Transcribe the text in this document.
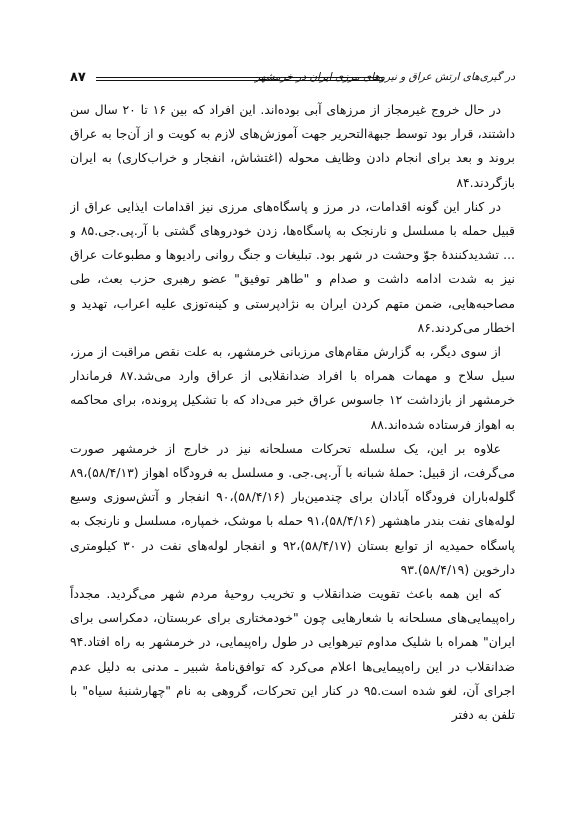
۸۷	در گیری‌های ارتش عراق و نیروهای مرزی ایران در خرمشهر

در حال خروج غیرمجاز از مرزهای آبی بوده‌اند. این افراد که بین ۱۶ تا ۲۰ سال سن داشتند، قرار بود توسط جبهةالتحریر جهت آموزش‌های لازم به کویت و از آن‌جا به عراق بروند و بعد برای انجام دادن وظایف محوله (اغتشاش، انفجار و خراب‌کاری) به ایران بازگردند.۸۴

در کنار این گونه اقدامات، در مرز و پاسگاه‌های مرزی نیز اقدامات ایذایی عراق از قبیل حمله با مسلسل و نارنجک به پاسگاه‌ها، زدن خودروهای گشتی با آر.پی.جی.۸۵ و ... تشدیدکنندهٔ جوّ وحشت در شهر بود. تبلیغات و جنگ روانی رادیوها و مطبوعات عراق نیز به شدت ادامه داشت و صدام و "طاهر توفیق" عضو رهبری حزب بعث، طی مصاحبه‌هایی، ضمن متهم کردن ایران به نژادپرستی و کینه‌توزی علیه اعراب، تهدید و اخطار می‌کردند.۸۶

از سوی دیگر، به گزارش مقام‌های مرزبانی خرمشهر، به علت نقص مراقبت از مرز، سیل سلاح و مهمات همراه با افراد ضدانقلابی از عراق وارد می‌شد.۸۷ فرماندار خرمشهر از بازداشت ۱۲ جاسوس عراق خبر می‌داد که با تشکیل پرونده، برای محاکمه به اهواز فرستاده شده‌اند.۸۸

علاوه بر این، یک سلسله تحرکات مسلحانه نیز در خارج از خرمشهر صورت می‌گرفت، از قبیل: حملهٔ شبانه با آر.پی.جی. و مسلسل به فرودگاه اهواز (۵۸/۴/۱۳)،۸۹ گلوله‌باران فرودگاه آبادان برای چندمین‌بار (۵۸/۴/۱۶)،۹۰ انفجار و آتش‌سوزی وسیع لوله‌های نفت بندر ماهشهر (۵۸/۴/۱۶)،۹۱ حمله با موشک، خمپاره، مسلسل و نارنجک به پاسگاه حمیدیه از توابع بستان (۵۸/۴/۱۷)،۹۲ و انفجار لوله‌های نفت در ۳۰ کیلومتری دارخوین (۵۸/۴/۱۹).۹۳

که این همه باعث تقویت ضدانقلاب و تخریب روحیهٔ مردم شهر می‌گردید. مجدداً راه‌پیمایی‌های مسلحانه با شعارهایی چون "خودمختاری برای عربستان، دمکراسی برای ایران" همراه با شلیک مداوم تیرهوایی در طول راه‌پیمایی، در خرمشهر به راه افتاد.۹۴ ضدانقلاب در این راه‌پیمایی‌ها اعلام می‌کرد که توافق‌نامهٔ شبیر ـ مدنی به دلیل عدم اجرای آن، لغو شده است.۹۵ در کنار این تحرکات، گروهی به نام "چهارشنبهٔ سیاه" با تلفن به دفتر
